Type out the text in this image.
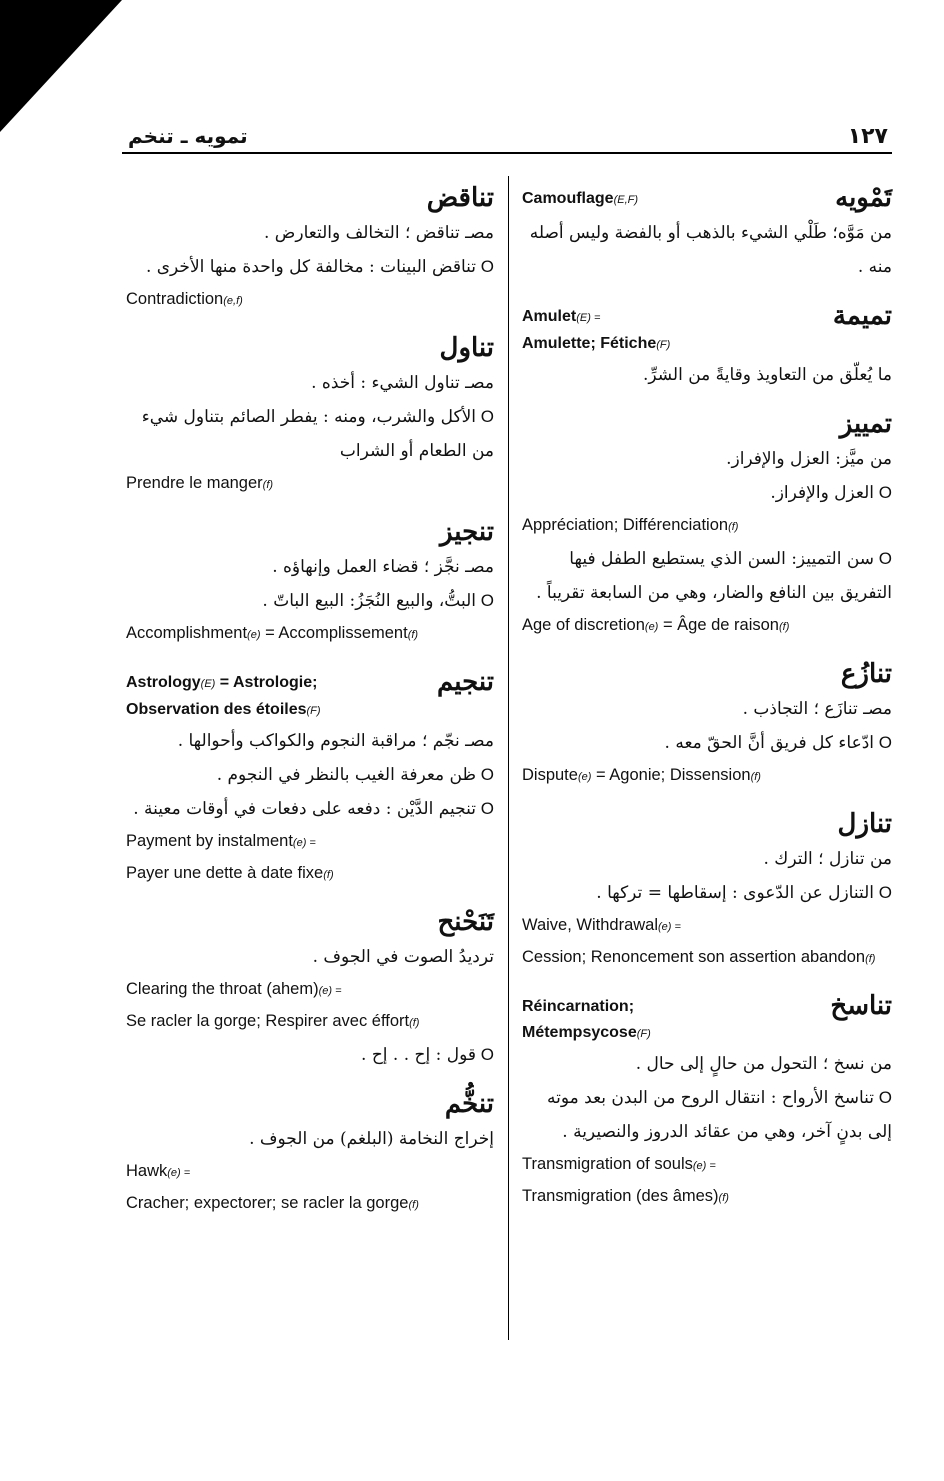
تمويه ـ تنخم	١٢٧
Camouflage(E,F)	تَمْويه
من مَوَّه؛ طَلْي الشيء بالذهب أو بالفضة وليس أصله منه .
Amulet(E) =
Amulette; Fétiche(F)
تميمة
ما يُعلّق من التعاويذ وقايةً من الشرِّ.
تمييز
من ميَّز: العزل والإفراز.
O العزل والإفراز.
Appréciation; Différenciation(f)
O سن التمييز: السن الذي يستطيع الطفل فيها التفريق بين النافع والضار، وهي من السابعة تقريباً .
Age of discretion(e) = Âge de raison(f)
تنازُع
مصـ تنازَع ؛ التجاذب .
O ادّعاء كل فريق أنَّ الحقّ معه .
Dispute(e) = Agonie; Dissension(f)
تنازل
من تنازل ؛ الترك .
O التنازل عن الدّعوى : إسقاطها = تركها .
Waive, Withdrawal(e) =
Cession; Renoncement son assertion abandon(f)
Réincarnation;
Métempsycose(F)
تناسخ
من نسخ ؛ التحول من حالٍ إلى حال .
O تناسخ الأرواح : انتقال الروح من البدن بعد موته إلى بدنٍ آخر، وهي من عقائد الدروز والنصيرية .
Transmigration of souls(e) =
Transmigration (des âmes)(f)
تناقض
مصـ تناقض ؛ التخالف والتعارض .
O تناقض البينات : مخالفة كل واحدة منها الأخرى .
Contradiction(e,f)
تناول
مصـ تناول الشيء : أخذه .
O الأكل والشرب، ومنه : يفطر الصائم بتناول شيء من الطعام أو الشراب
Prendre le manger(f)
تنجيز
مصـ نجَّز ؛ قضاء العمل وإنهاؤه .
O البتُّ، والبيع النُجَزُ: البيع الباتّ .
Accomplishment(e) = Accomplissement(f)
Astrology(E) = Astrologie;
Observation des étoiles(F)
تنجيم
مصـ نجّم ؛ مراقبة النجوم والكواكب وأحوالها .
O ظن معرفة الغيب بالنظر في النجوم .
O تنجيم الدَّيْن : دفعه على دفعات في أوقات معينة .
Payment by instalment(e) =
Payer une dette à date fixe(f)
تَنَحْنح
ترديدُ الصوت في الجوف .
Clearing the throat (ahem)(e) =
Se racler la gorge; Respirer avec éffort(f)
O قول : إح . . إح .
تنخُّم
إخراج النخامة (البلغم) من الجوف .
Hawk(e) =
Cracher; expectorer; se racler la gorge(f)
